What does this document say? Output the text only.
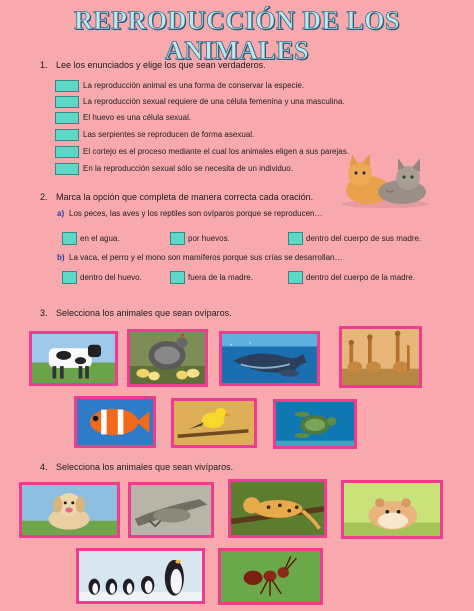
REPRODUCCIÓN DE LOS ANIMALES
1. Lee los enunciados y elige los que sean verdaderos.
La reproducción animal es una forma de conservar la especie.
La reproducción sexual requiere de una célula femenina y una masculina.
El huevo es una célula sexual.
Las serpientes se reproducen de forma asexual.
El cortejo es el proceso mediante el cual los animales eligen a sus parejas.
En la reproducción sexual sólo se necesita de un individuo.
2. Marca la opción que completa de manera correcta cada oración.
a) Los peces, las aves y los reptiles son ovíparos porque se reproducen…
en el agua.	por huevos.	dentro del cuerpo de sus madre.
b) La vaca, el perro y el mono son mamíferos porque sus crías se desarrollan…
dentro del huevo.	fuera de la madre.	dentro del cuerpo de la madre.
3. Selecciona los animales que sean ovíparos.
4. Selecciona los animales que sean vivíparos.
